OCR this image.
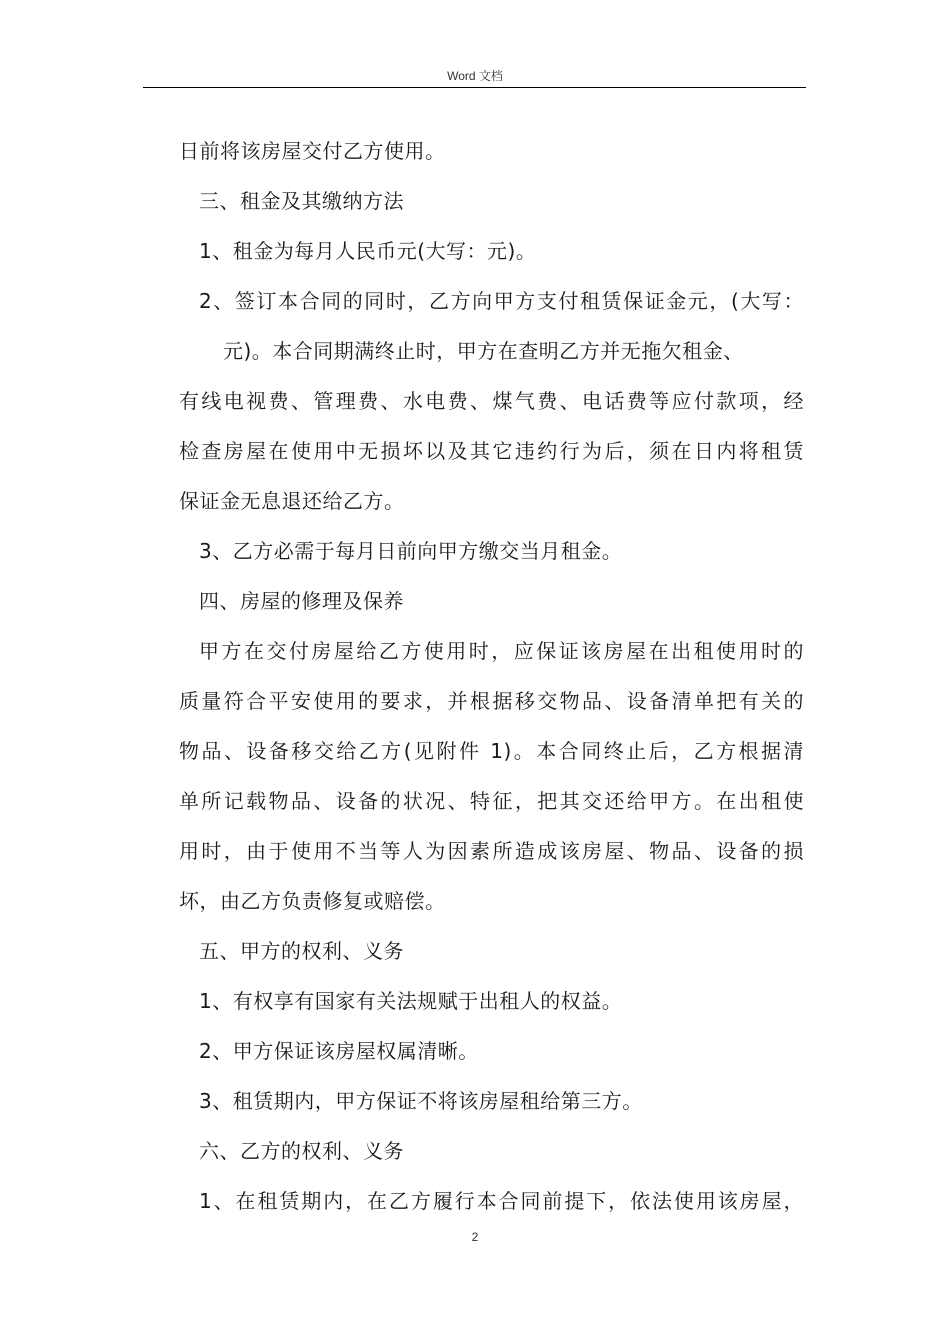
Word 文档
日前将该房屋交付乙方使用。
三、租金及其缴纳方法
1、租金为每月人民币元(大写：元)。
2、签订本合同的同时，乙方向甲方支付租赁保证金元，(大写：
元)。本合同期满终止时，甲方在查明乙方并无拖欠租金、
有线电视费、管理费、水电费、煤气费、电话费等应付款项，经
检查房屋在使用中无损坏以及其它违约行为后，须在日内将租赁
保证金无息退还给乙方。
3、乙方必需于每月日前向甲方缴交当月租金。
四、房屋的修理及保养
甲方在交付房屋给乙方使用时，应保证该房屋在出租使用时的
质量符合平安使用的要求，并根据移交物品、设备清单把有关的
物品、设备移交给乙方(见附件 1)。本合同终止后，乙方根据清
单所记载物品、设备的状况、特征，把其交还给甲方。在出租使
用时，由于使用不当等人为因素所造成该房屋、物品、设备的损
坏，由乙方负责修复或赔偿。
五、甲方的权利、义务
1、有权享有国家有关法规赋于出租人的权益。
2、甲方保证该房屋权属清晰。
3、租赁期内，甲方保证不将该房屋租给第三方。
六、乙方的权利、义务
1、在租赁期内，在乙方履行本合同前提下，依法使用该房屋，
2
